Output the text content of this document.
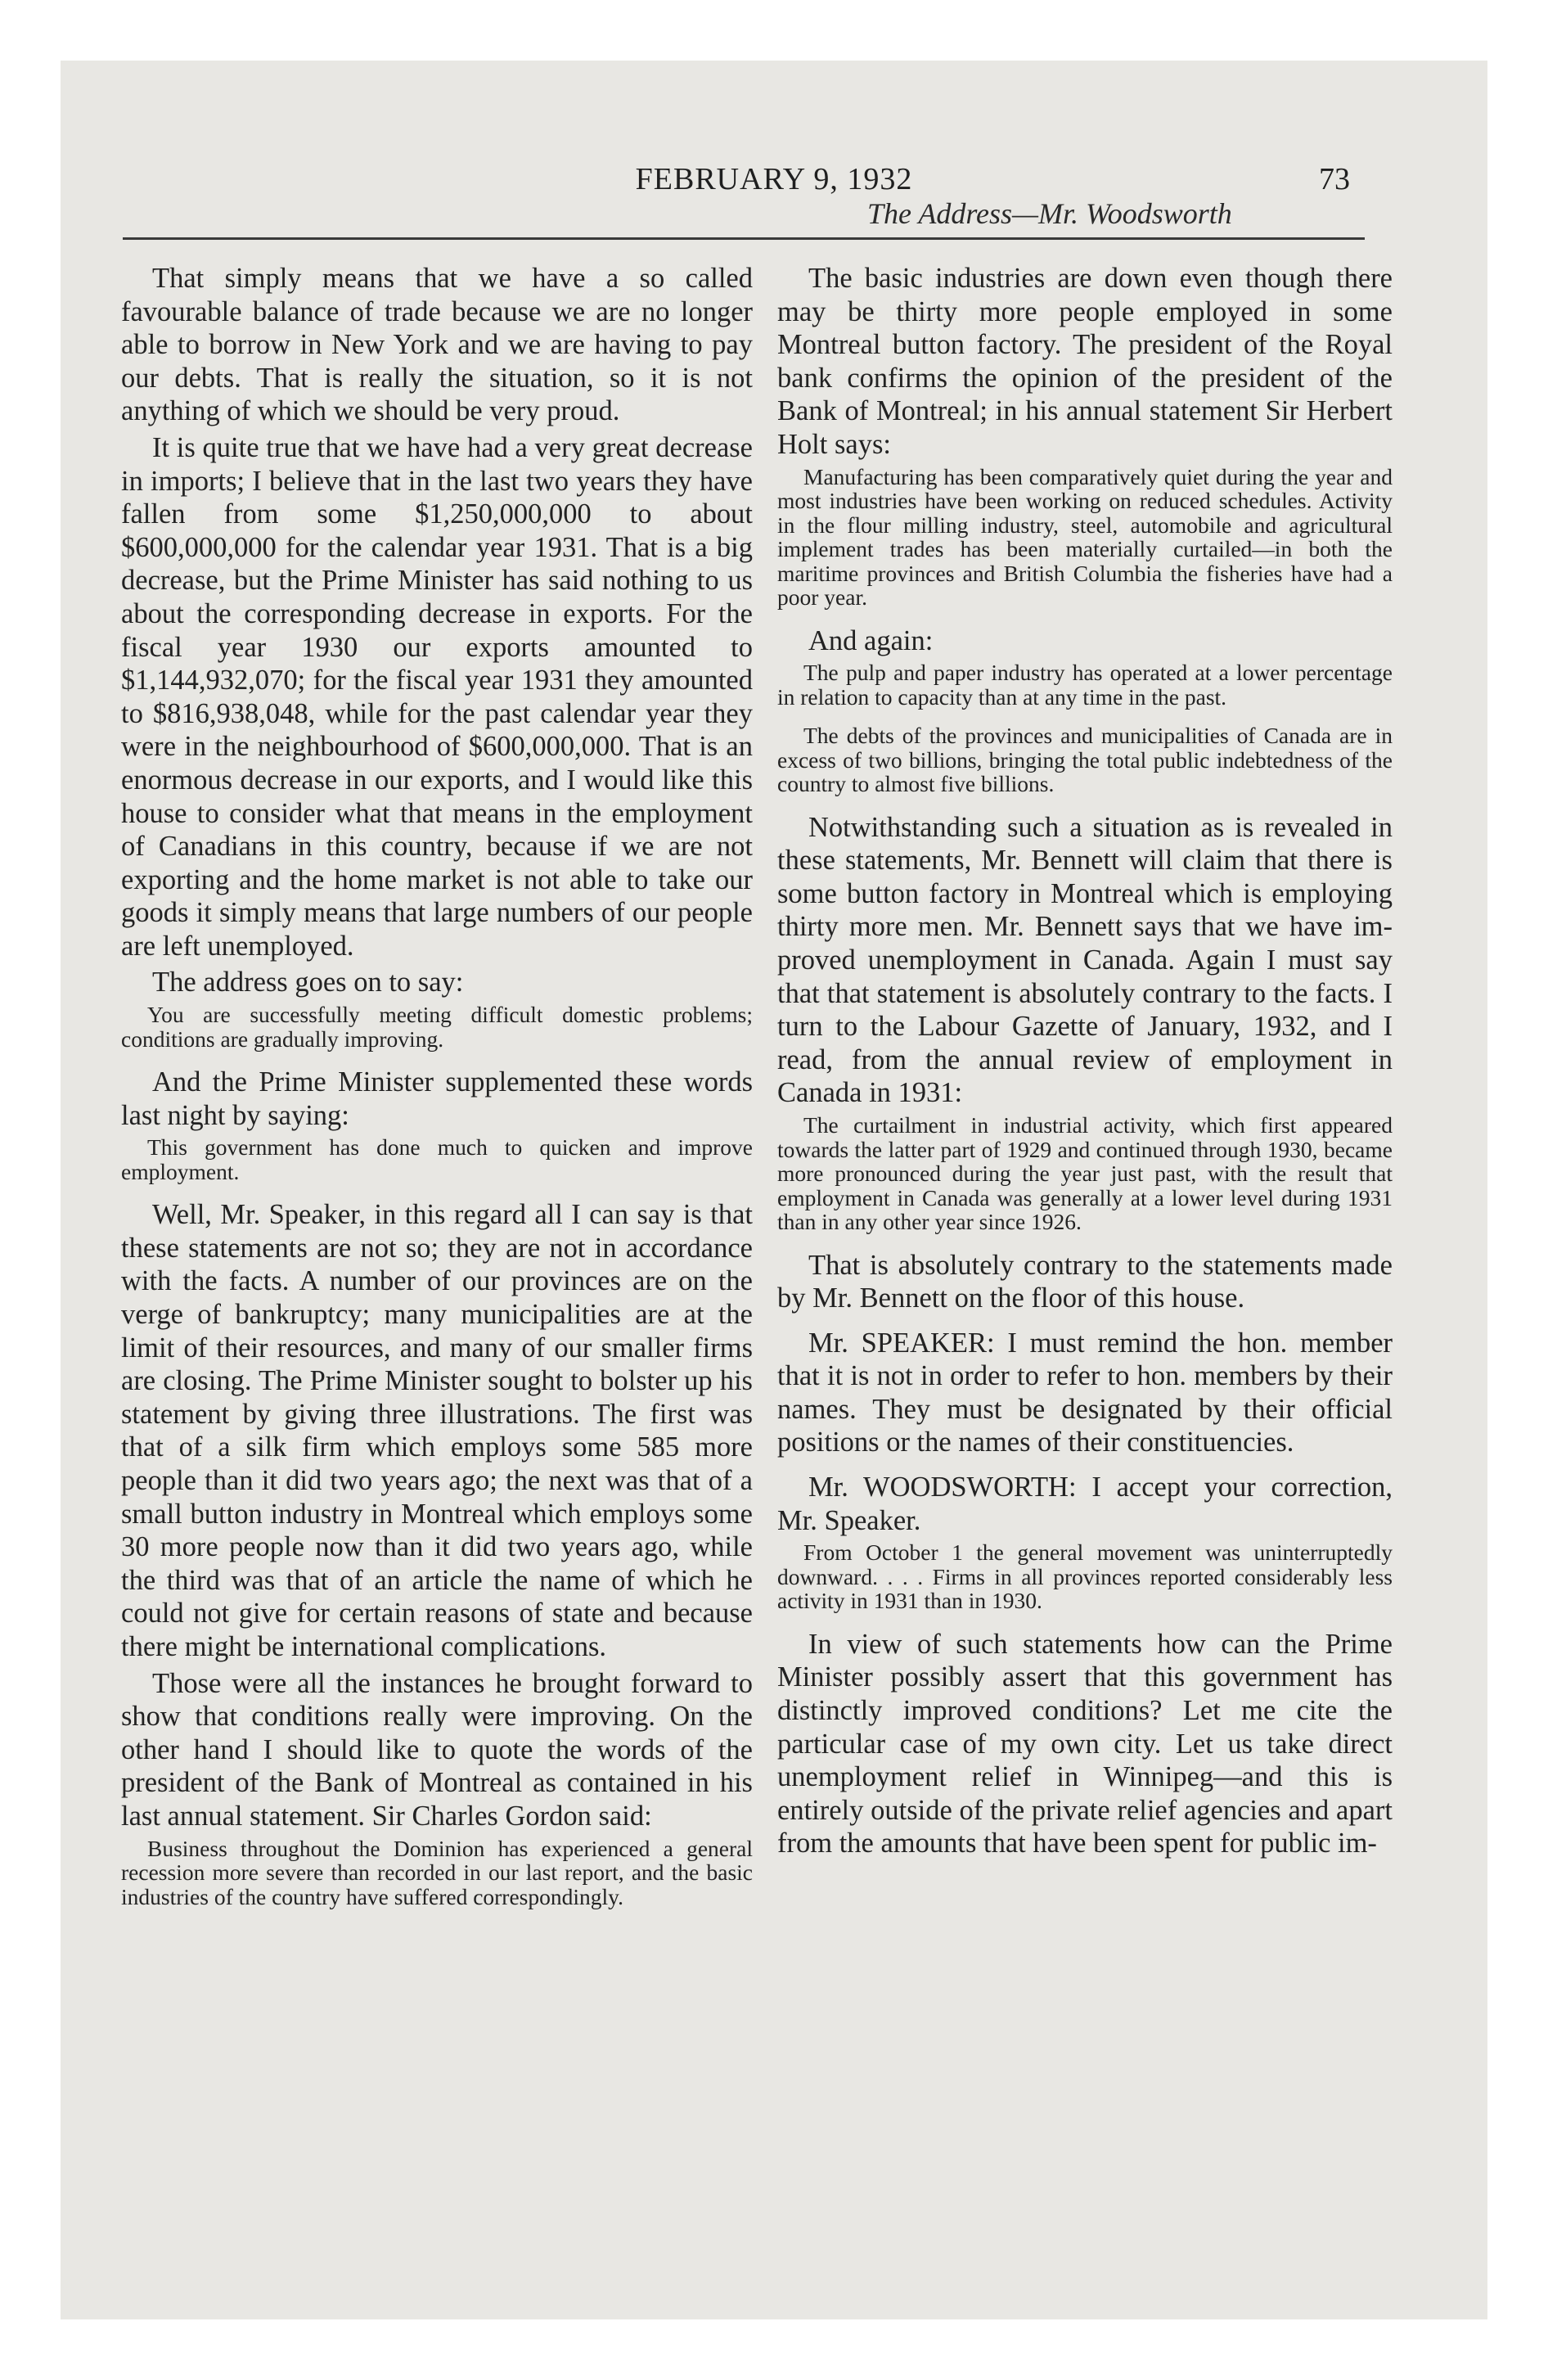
FEBRUARY 9, 1932	73
The Address—Mr. Woodsworth

That simply means that we have a so called favourable balance of trade because we are no longer able to borrow in New York and we are having to pay our debts. That is really the situation, so it is not anything of which we should be very proud.

It is quite true that we have had a very great decrease in imports; I believe that in the last two years they have fallen from some $1,250,000,000 to about $600,000,000 for the calendar year 1931. That is a big decrease, but the Prime Minister has said nothing to us about the corresponding decrease in exports. For the fiscal year 1930 our exports amounted to $1,144,932,070; for the fiscal year 1931 they amounted to $816,938,048, while for the past calendar year they were in the neighbourhood of $600,000,000. That is an enormous decrease in our exports, and I would like this house to consider what that means in the employment of Canadians in this country, because if we are not exporting and the home market is not able to take our goods it simply means that large numbers of our people are left unemployed.

The address goes on to say:

You are successfully meeting difficult domestic problems; conditions are gradually improving.

And the Prime Minister supplemented these words last night by saying:

This government has done much to quicken and improve employment.

Well, Mr. Speaker, in this regard all I can say is that these statements are not so; they are not in accordance with the facts. A number of our provinces are on the verge of bankruptcy; many municipalities are at the limit of their resources, and many of our smaller firms are closing. The Prime Minister sought to bolster up his statement by giving three illustrations. The first was that of a silk firm which employs some 585 more people than it did two years ago; the next was that of a small button industry in Montreal which employs some 30 more people now than it did two years ago, while the third was that of an article the name of which he could not give for certain reasons of state and because there might be international complications.

Those were all the instances he brought forward to show that conditions really were improving. On the other hand I should like to quote the words of the president of the Bank of Montreal as contained in his last annual statement. Sir Charles Gordon said:

Business throughout the Dominion has experienced a general recession more severe than recorded in our last report, and the basic industries of the country have suffered correspondingly.

The basic industries are down even though there may be thirty more people employed in some Montreal button factory. The president of the Royal bank confirms the opinion of the president of the Bank of Montreal; in his annual statement Sir Herbert Holt says:

Manufacturing has been comparatively quiet during the year and most industries have been working on reduced schedules. Activity in the flour milling industry, steel, automobile and agricultural implement trades has been materially curtailed—in both the maritime provinces and British Columbia the fisheries have had a poor year.

And again:

The pulp and paper industry has operated at a lower percentage in relation to capacity than at any time in the past.

The debts of the provinces and municipalities of Canada are in excess of two billions, bringing the total public indebtedness of the country to almost five billions.

Notwithstanding such a situation as is revealed in these statements, Mr. Bennett will claim that there is some button factory in Montreal which is employing thirty more men. Mr. Bennett says that we have improved unemployment in Canada. Again I must say that that statement is absolutely contrary to the facts. I turn to the Labour Gazette of January, 1932, and I read, from the annual review of employment in Canada in 1931:

The curtailment in industrial activity, which first appeared towards the latter part of 1929 and continued through 1930, became more pronounced during the year just past, with the result that employment in Canada was generally at a lower level during 1931 than in any other year since 1926.

That is absolutely contrary to the statements made by Mr. Bennett on the floor of this house.

Mr. SPEAKER: I must remind the hon. member that it is not in order to refer to hon. members by their names. They must be designated by their official positions or the names of their constituencies.

Mr. WOODSWORTH: I accept your correction, Mr. Speaker.

From October 1 the general movement was uninterruptedly downward. . . . Firms in all provinces reported considerably less activity in 1931 than in 1930.

In view of such statements how can the Prime Minister possibly assert that this government has distinctly improved conditions? Let me cite the particular case of my own city. Let us take direct unemployment relief in Winnipeg—and this is entirely outside of the private relief agencies and apart from the amounts that have been spent for public im-
